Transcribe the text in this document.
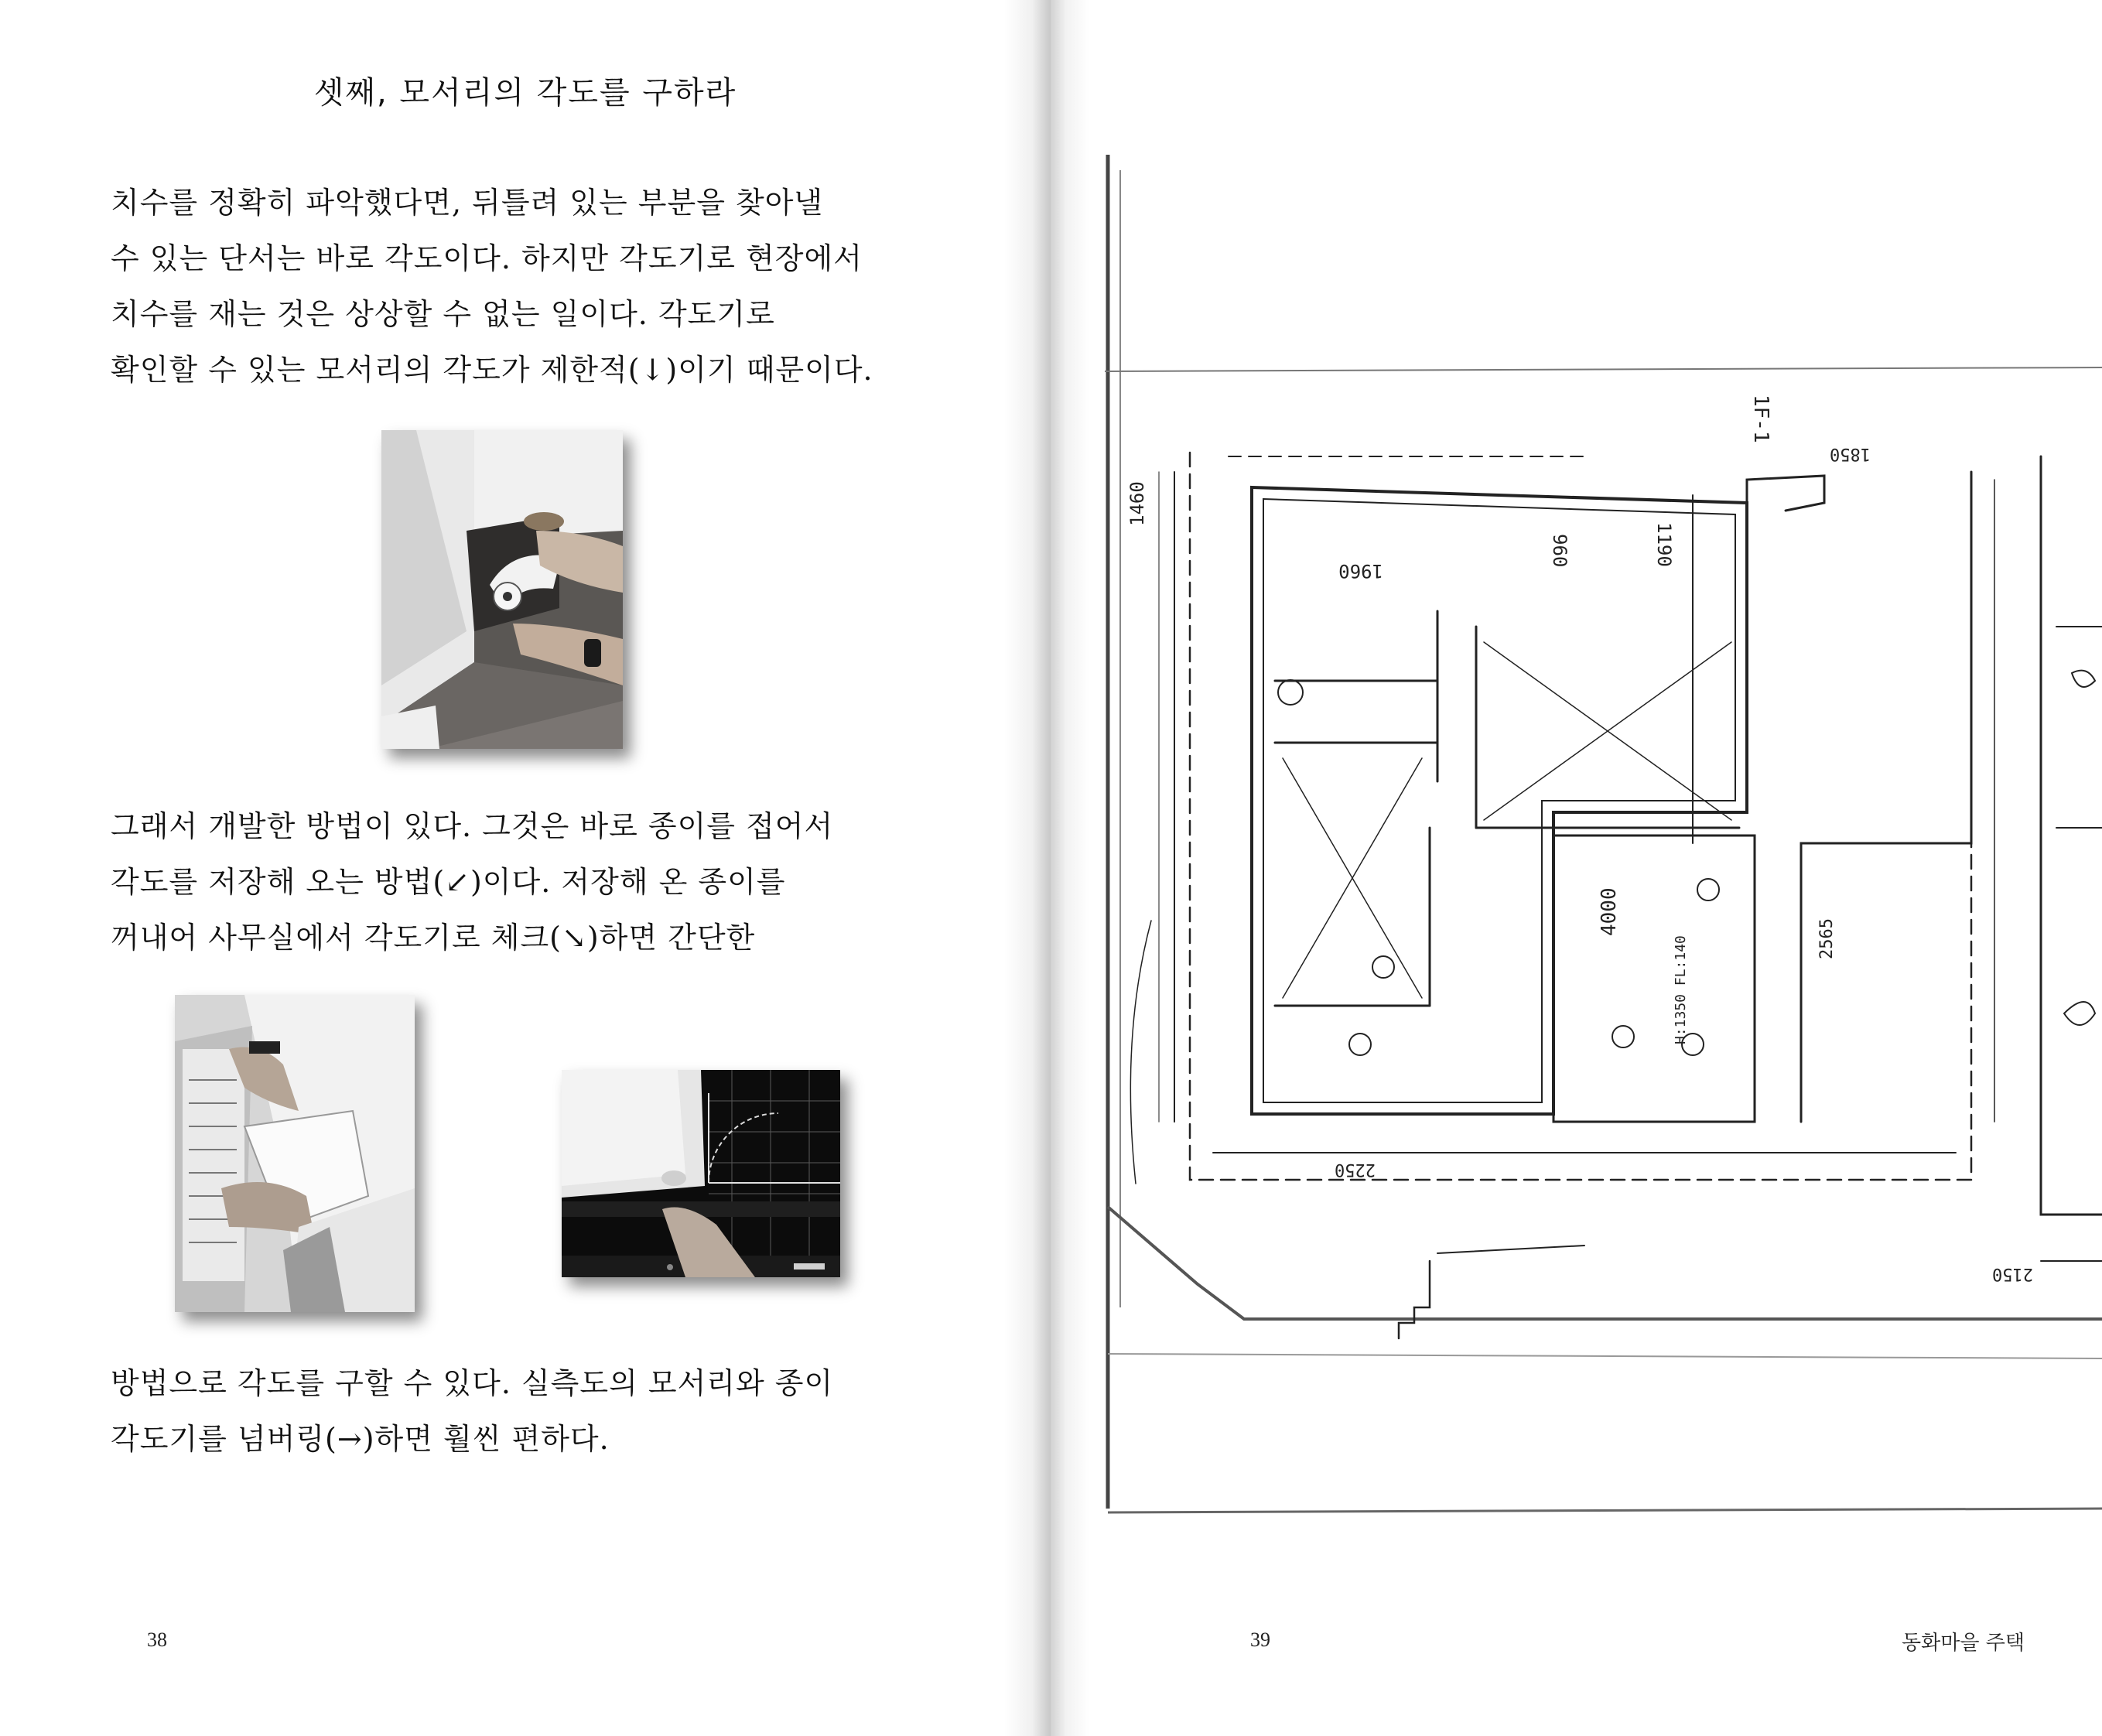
셋째, 모서리의 각도를 구하라
치수를 정확히 파악했다면, 뒤틀려 있는 부분을 찾아낼
수 있는 단서는 바로 각도이다. 하지만 각도기로 현장에서
치수를 재는 것은 상상할 수 없는 일이다. 각도기로
확인할 수 있는 모서리의 각도가 제한적(↓)이기 때문이다.
그래서 개발한 방법이 있다. 그것은 바로 종이를 접어서
각도를 저장해 오는 방법(↙)이다. 저장해 온 종이를
꺼내어 사무실에서 각도기로 체크(↘)하면 간단한
방법으로 각도를 구할 수 있다. 실측도의 모서리와 종이
각도기를 넘버링(→)하면 훨씬 편하다.

38

1960
4000
H:1350 FL:140
1460
1850
2250
2150
2565
1190
960
1F-1

39	동화마을 주택
